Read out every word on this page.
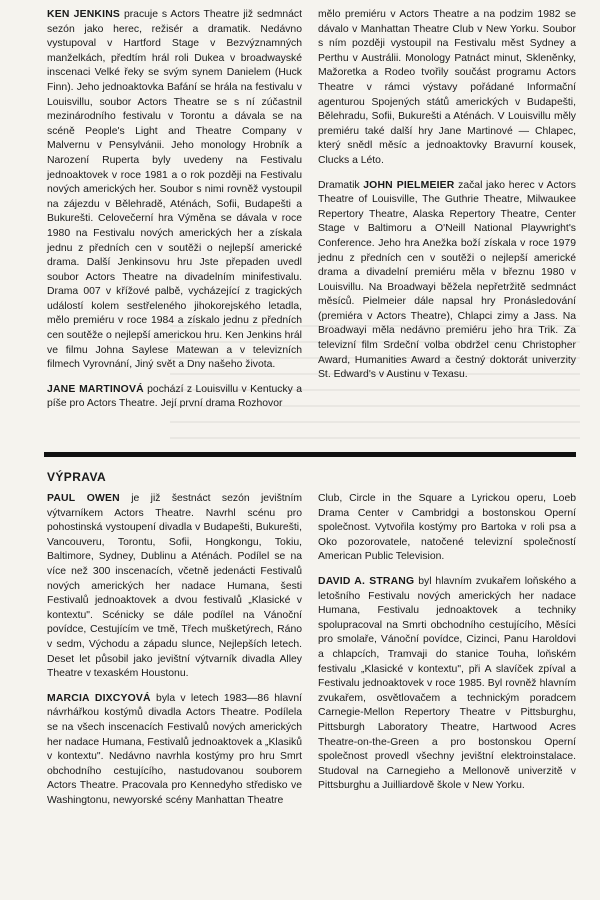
KEN JENKINS pracuje s Actors Theatre již sedmnáct sezón jako herec, režisér a dramatik. Nedávno vystupoval v Hartford Stage v Bezvýznamných manželkách, předtím hrál roli Dukea v broadwayské inscenaci Velké řeky se svým synem Danielem (Huck Finn). Jeho jednoaktovka Bafání se hrála na festivalu v Louisvillu, soubor Actors Theatre se s ní zúčastnil mezinárodního festivalu v Torontu a dávala se na scéně People's Light and Theatre Company v Malvernu v Pensylvánii. Jeho monology Hrobník a Narození Ruperta byly uvedeny na Festivalu jednoaktovek v roce 1981 a o rok později na Festivalu nových amerických her. Soubor s nimi rovněž vystoupil na zájezdu v Bělehradě, Aténách, Sofii, Budapešti a Bukurešti. Celovečerní hra Výměna se dávala v roce 1980 na Festivalu nových amerických her a získala jednu z předních cen v soutěži o nejlepší americké drama. Další Jenkinsovu hru Jste přepaden uvedl soubor Actors Theatre na divadelním minifestivalu. Drama 007 v křížové palbě, vycházející z tragických událostí kolem sestřeleného jihokorejského letadla, mělo premiéru v roce 1984 a získalo jednu z předních cen soutěže o nejlepší americkou hru. Ken Jenkins hrál ve filmu Johna Saylese Matewan a v televizních filmech Vyrovnání, Jiný svět a Dny našeho života.

JANE MARTINOVÁ pochází z Louisvillu v Kentucky a píše pro Actors Theatre. Její první drama Rozhovor

mělo premiéru v Actors Theatre a na podzim 1982 se dávalo v Manhattan Theatre Club v New Yorku. Soubor s ním později vystoupil na Festivalu měst Sydney a Perthu v Austrálii. Monology Patnáct minut, Skleněnky, Mažoretka a Rodeo tvořily součást programu Actors Theatre v rámci výstavy pořádané Informační agenturou Spojených států amerických v Budapešti, Bělehradu, Sofii, Bukurešti a Aténách. V Louisvillu měly premiéru také další hry Jane Martinové — Chlapec, který snědl měsíc a jednoaktovky Bravurní kousek, Clucks a Léto.

Dramatik JOHN PIELMEIER začal jako herec v Actors Theatre of Louisville, The Guthrie Theatre, Milwaukee Repertory Theatre, Alaska Repertory Theatre, Center Stage v Baltimoru a O'Neill National Playwright's Conference. Jeho hra Anežka boží získala v roce 1979 jednu z předních cen v soutěži o nejlepší americké drama a divadelní premiéru měla v březnu 1980 v Louisvillu. Na Broadwayi běžela nepřetržitě sedmnáct měsíců. Pielmeier dále napsal hry Pronásledování (premiéra v Actors Theatre), Chlapci zimy a Jass. Na Broadwayi měla nedávno premiéru jeho hra Trik. Za televizní film Srdeční volba obdržel cenu Christopher Award, Humanities Award a čestný doktorát univerzity St. Edward's v Austinu v Texasu.

VÝPRAVA

PAUL OWEN je již šestnáct sezón jevištním výtvarníkem Actors Theatre. Navrhl scénu pro pohostinská vystoupení divadla v Budapešti, Bukurešti, Vancouveru, Torontu, Sofii, Hongkongu, Tokiu, Baltimore, Sydney, Dublinu a Aténách. Podílel se na více než 300 inscenacích, včetně jedenácti Festivalů nových amerických her nadace Humana, šesti Festivalů jednoaktovek a dvou festivalů „Klasické v kontextu". Scénicky se dále podílel na Vánoční povídce, Cestujícím ve tmě, Třech mušketýrech, Ráno v sedm, Východu a západu slunce, Nejlepších letech. Deset let působil jako jevištní výtvarník divadla Alley Theatre v texaském Houstonu.

MARCIA DIXCYOVÁ byla v letech 1983—86 hlavní návrhářkou kostýmů divadla Actors Theatre. Podílela se na všech inscenacích Festivalů nových amerických her nadace Humana, Festivalů jednoaktovek a „Klasiků v kontextu". Nedávno navrhla kostýmy pro hru Smrt obchodního cestujícího, nastudovanou souborem Actors Theatre. Pracovala pro Kennedyho středisko ve Washingtonu, newyorské scény Manhattan Theatre

Club, Circle in the Square a Lyrickou operu, Loeb Drama Center v Cambridgi a bostonskou Operní společnost. Vytvořila kostýmy pro Bartoka v roli psa a Oko pozorovatele, natočené televizní společností American Public Television.

DAVID A. STRANG byl hlavním zvukařem loňského a letošního Festivalu nových amerických her nadace Humana, Festivalu jednoaktovek a techniky spolupracoval na Smrti obchodního cestujícího, Měsíci pro smolaře, Vánoční povídce, Cizinci, Panu Haroldovi a chlapcích, Tramvaji do stanice Touha, loňském festivalu „Klasické v kontextu", při A slavíček zpíval a Festivalu jednoaktovek v roce 1985. Byl rovněž hlavním zvukařem, osvětlovačem a technickým poradcem Carnegie-Mellon Repertory Theatre v Pittsburghu, Pittsburgh Laboratory Theatre, Hartwood Acres Theatre-on-the-Green a pro bostonskou Operní společnost provedl všechny jevištní elektroinstalace. Studoval na Carnegieho a Mellonově univerzitě v Pittsburghu a Juilliardově škole v New Yorku.
